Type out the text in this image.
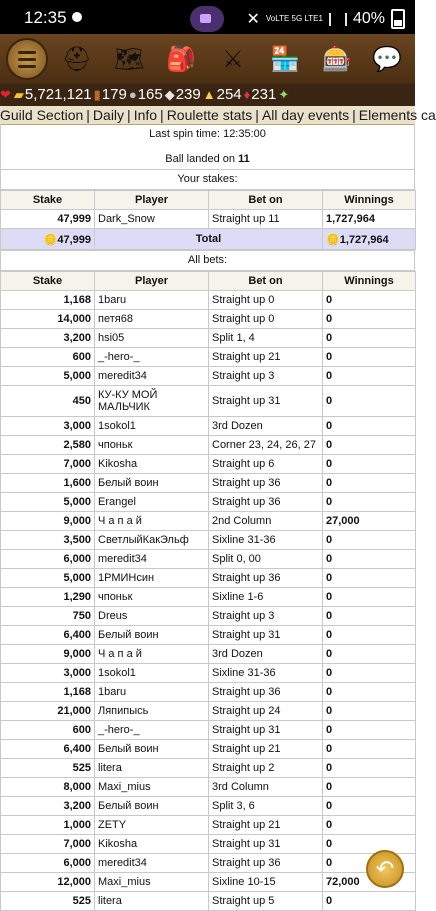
12:35	✕ VoLTE 5G LTE1 40%
⛑ 🗺 🎒	⚔	🏪 🎰 💬
❤ ▰5,721,121 ▮179 ●165 ◆239 ▲254 ♦231 ✦
Guild Section | Daily | Info | Roulette stats | All day events | Elements ca
Last spin time: 12:35:00
Ball landed on 11
Your stakes:
Stake	Player	Bet on	Winnings
47,999	Dark_Snow	Straight up 11	1,727,964
🪙47,999	Total		🪙1,727,964
All bets:
Stake	Player	Bet on	Winnings
1,168	1baru	Straight up 0	0
14,000	петя68	Straight up 0	0
3,200	hsi05	Split 1, 4	0
600	_-hero-_	Straight up 21	0
5,000	meredit34	Straight up 3	0
450	КУ-КУ МОЙ МАЛЬЧИК	Straight up 31	0
3,000	1sokol1	3rd Dozen	0
2,580	чпоньк	Corner 23, 24, 26, 27	0
7,000	Kikosha	Straight up 6	0
1,600	Белый воин	Straight up 36	0
5,000	Erangel	Straight up 36	0
9,000	Ч а п а й	2nd Column	27,000
3,500	СветлыйКакЭльф	Sixline 31-36	0
6,000	meredit34	Split 0, 00	0
5,000	1РМИНсин	Straight up 36	0
1,290	чпоньк	Sixline 1-6	0
750	Dreus	Straight up 3	0
6,400	Белый воин	Straight up 31	0
9,000	Ч а п а й	3rd Dozen	0
3,000	1sokol1	Sixline 31-36	0
1,168	1baru	Straight up 36	0
21,000	Ляпипысь	Straight up 24	0
600	_-hero-_	Straight up 31	0
6,400	Белый воин	Straight up 21	0
525	litera	Straight up 2	0
8,000	Maxi_mius	3rd Column	0
3,200	Белый воин	Split 3, 6	0
1,000	ZETY	Straight up 21	0
7,000	Kikosha	Straight up 31	0
6,000	meredit34	Straight up 36	0
12,000	Maxi_mius	Sixline 10-15	72,000
525	litera	Straight up 5	0
↶
